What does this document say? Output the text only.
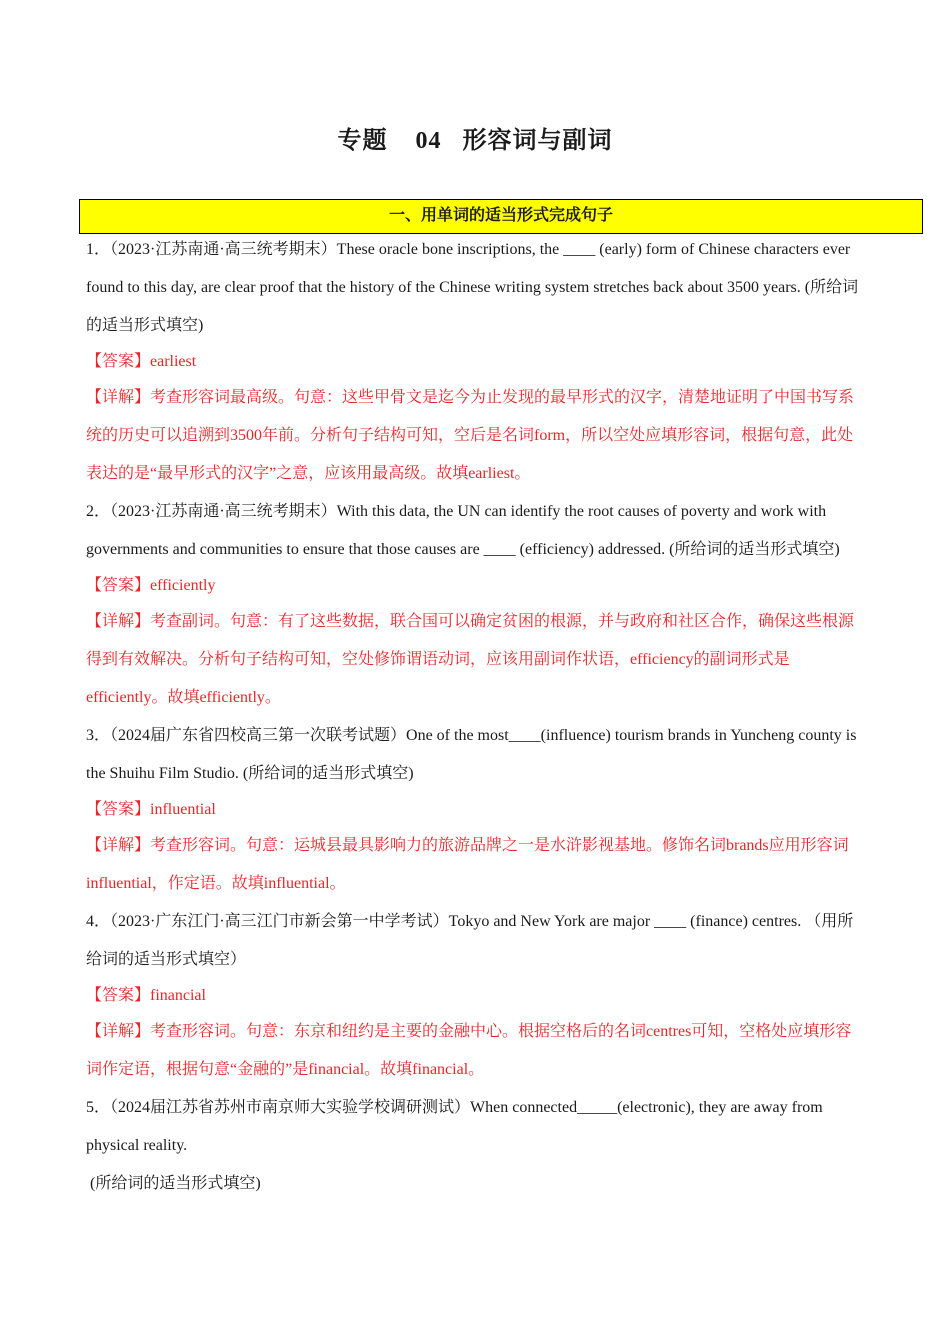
专题    04   形容词与副词
一、用单词的适当形式完成句子

1．（2023·江苏南通·高三统考期末）These oracle bone inscriptions, the ____ (early) form of Chinese characters ever found to this day, are clear proof that the history of the Chinese writing system stretches back about 3500 years. (所给词的适当形式填空)

【答案】earliest

【详解】考查形容词最高级。句意：这些甲骨文是迄今为止发现的最早形式的汉字，清楚地证明了中国书写系统的历史可以追溯到3500年前。分析句子结构可知，空后是名词form，所以空处应填形容词，根据句意，此处表达的是“最早形式的汉字”之意，应该用最高级。故填earliest。

2．（2023·江苏南通·高三统考期末）With this data, the UN can identify the root causes of poverty and work with governments and communities to ensure that those causes are ____ (efficiency) addressed. (所给词的适当形式填空)

【答案】efficiently

【详解】考查副词。句意：有了这些数据，联合国可以确定贫困的根源，并与政府和社区合作，确保这些根源得到有效解决。分析句子结构可知，空处修饰谓语动词，应该用副词作状语，efficiency的副词形式是efficiently。故填efficiently。

3．（2024届广东省四校高三第一次联考试题）One of the most____(influence) tourism brands in Yuncheng county is the Shuihu Film Studio. (所给词的适当形式填空)

【答案】influential

【详解】考查形容词。句意：运城县最具影响力的旅游品牌之一是水浒影视基地。修饰名词brands应用形容词influential，作定语。故填influential。

4．（2023·广东江门·高三江门市新会第一中学考试）Tokyo and New York are major ____ (finance) centres. （用所给词的适当形式填空）

【答案】financial

【详解】考查形容词。句意：东京和纽约是主要的金融中心。根据空格后的名词centres可知，空格处应填形容词作定语，根据句意“金融的”是financial。故填financial。

5．（2024届江苏省苏州市南京师大实验学校调研测试）When connected_____(electronic), they are away from physical reality.

(所给词的适当形式填空)
